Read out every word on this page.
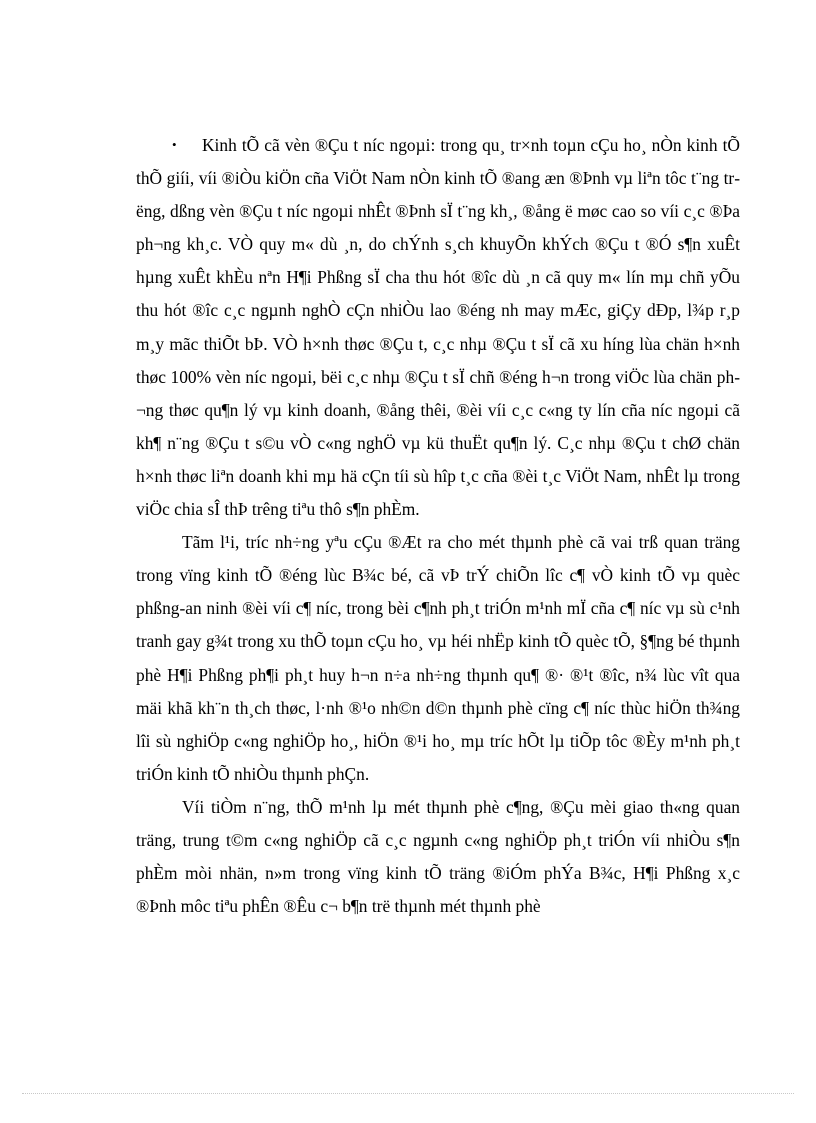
• Kinh tÕ cã vèn ®Çu t níc ngoµi: trong qu¸ tr×nh toµn cÇu ho¸ nÒn kinh tÕ thÕ giíi, víi ®iÒu kiÖn cña ViÖt Nam nÒn kinh tÕ ®ang æn ®Þnh vµ liªn tôc t¨ng trëng, dßng vèn ®Çu t níc ngoµi nhÊt ®Þnh sÏ t¨ng kh¸, ®ång ë møc cao so víi c¸c ®Þa ph¬ng kh¸c. VÒ quy m« dù ¸n, do chÝnh s¸ch khuyÕn khÝch ®Çu t ®Ó s¶n xuÊt hµng xuÊt khÈu nªn H¶i Phßng sÏ cha thu hót ®îc dù ¸n cã quy m« lín mµ chñ yÕu thu hót ®îc c¸c ngµnh nghÒ cÇn nhiÒu lao ®éng nh may mÆc, giÇy dÐp, l¾p r¸p m¸y mãc thiÕt bÞ. VÒ h×nh thøc ®Çu t, c¸c nhµ ®Çu t sÏ cã xu híng lùa chän h×nh thøc 100% vèn níc ngoµi, bëi c¸c nhµ ®Çu t sÏ chñ ®éng h¬n trong viÖc lùa chän ph¬ng thøc qu¶n lý vµ kinh doanh, ®ång thêi, ®èi víi c¸c c«ng ty lín cña níc ngoµi cã kh¶ n¨ng ®Çu t s©u vÒ c«ng nghÖ vµ kü thuËt qu¶n lý. C¸c nhµ ®Çu t chØ chän h×nh thøc liªn doanh khi mµ hä cÇn tíi sù hîp t¸c cña ®èi t¸c ViÖt Nam, nhÊt lµ trong viÖc chia sÎ thÞ trêng tiªu thô s¶n phÈm.

Tãm l¹i, tríc nh÷ng yªu cÇu ®Æt ra cho mét thµnh phè cã vai trß quan träng trong vïng kinh tÕ ®éng lùc B¾c bé, cã vÞ trÝ chiÕn lîc c¶ vÒ kinh tÕ vµ quèc phßng-an ninh ®èi víi c¶ níc, trong bèi c¶nh ph¸t triÓn m¹nh mÏ cña c¶ níc vµ sù c¹nh tranh gay g¾t trong xu thÕ toµn cÇu ho¸ vµ héi nhËp kinh tÕ quèc tÕ, §¶ng bé thµnh phè H¶i Phßng ph¶i ph¸t huy h¬n n÷a nh÷ng thµnh qu¶ ®· ®¹t ®îc, n¾ lùc vît qua mäi khã kh¨n th¸ch thøc, l·nh ®¹o nh©n d©n thµnh phè cïng c¶ níc thùc hiÖn th¾ng lîi sù nghiÖp c«ng nghiÖp ho¸, hiÖn ®¹i ho¸ mµ tríc hÕt lµ tiÕp tôc ®Èy m¹nh ph¸t triÓn kinh tÕ nhiÒu thµnh phÇn.

Víi tiÒm n¨ng, thÕ m¹nh lµ mét thµnh phè c¶ng, ®Çu mèi giao th«ng quan träng, trung t©m c«ng nghiÖp cã c¸c ngµnh c«ng nghiÖp ph¸t triÓn víi nhiÒu s¶n phÈm mòi nhän, n»m trong vïng kinh tÕ träng ®iÓm phÝa B¾c, H¶i Phßng x¸c ®Þnh môc tiªu phÊn ®Êu c¬ b¶n trë thµnh mét thµnh phè
